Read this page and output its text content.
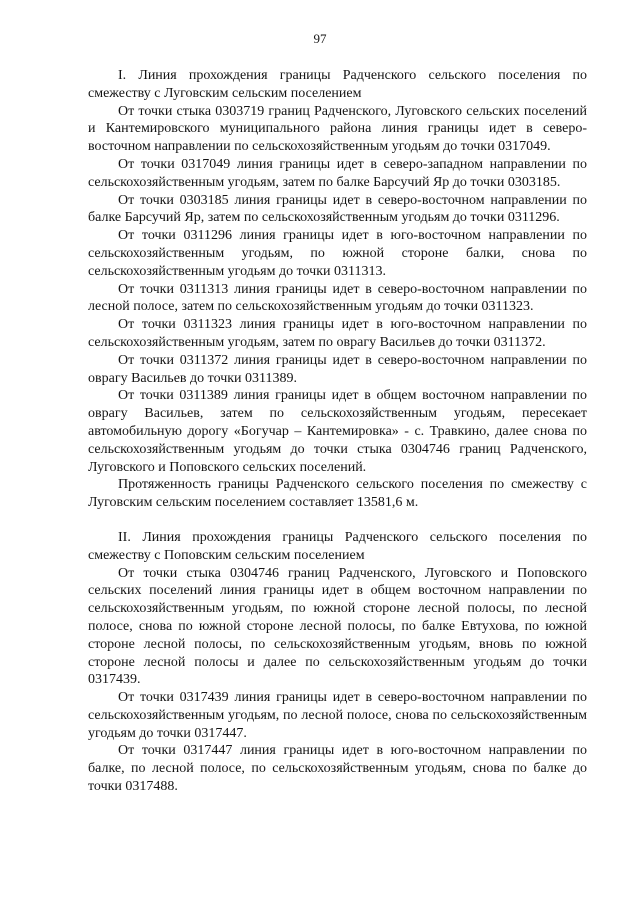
97

I. Линия прохождения границы Радченского сельского поселения по смежеству с Луговским сельским поселением

От точки стыка 0303719 границ Радченского, Луговского сельских поселений и Кантемировского муниципального района линия границы идет в северо-восточном направлении по сельскохозяйственным угодьям до точки 0317049.

От точки 0317049 линия границы идет в северо-западном направлении по сельскохозяйственным угодьям, затем по балке Барсучий Яр до точки 0303185.

От точки 0303185 линия границы идет в северо-восточном направлении по балке Барсучий Яр, затем по сельскохозяйственным угодьям до точки 0311296.

От точки 0311296 линия границы идет в юго-восточном направлении по сельскохозяйственным угодьям, по южной стороне балки, снова по сельскохозяйственным угодьям до точки 0311313.

От точки 0311313 линия границы идет в северо-восточном направлении по лесной полосе, затем по сельскохозяйственным угодьям до точки 0311323.

От точки 0311323 линия границы идет в юго-восточном направлении по сельскохозяйственным угодьям, затем по оврагу Васильев до точки 0311372.

От точки 0311372 линия границы идет в северо-восточном направлении по оврагу Васильев до точки 0311389.

От точки 0311389 линия границы идет в общем восточном направлении по оврагу Васильев, затем по сельскохозяйственным угодьям, пересекает автомобильную дорогу «Богучар – Кантемировка» - с. Травкино, далее снова по сельскохозяйственным угодьям до точки стыка 0304746 границ Радченского, Луговского и Поповского сельских поселений.

Протяженность границы Радченского сельского поселения по смежеству с Луговским сельским поселением составляет 13581,6 м.

II. Линия прохождения границы Радченского сельского поселения по смежеству с Поповским сельским поселением

От точки стыка 0304746 границ Радченского, Луговского и Поповского сельских поселений линия границы идет в общем восточном направлении по сельскохозяйственным угодьям, по южной стороне лесной полосы, по лесной полосе, снова по южной стороне лесной полосы, по балке Евтухова, по южной стороне лесной полосы, по сельскохозяйственным угодьям, вновь по южной стороне лесной полосы и далее по сельскохозяйственным угодьям до точки 0317439.

От точки 0317439 линия границы идет в северо-восточном направлении по сельскохозяйственным угодьям, по лесной полосе, снова по сельскохозяйственным угодьям до точки 0317447.

От точки 0317447 линия границы идет в юго-восточном направлении по балке, по лесной полосе, по сельскохозяйственным угодьям, снова по балке до точки 0317488.
